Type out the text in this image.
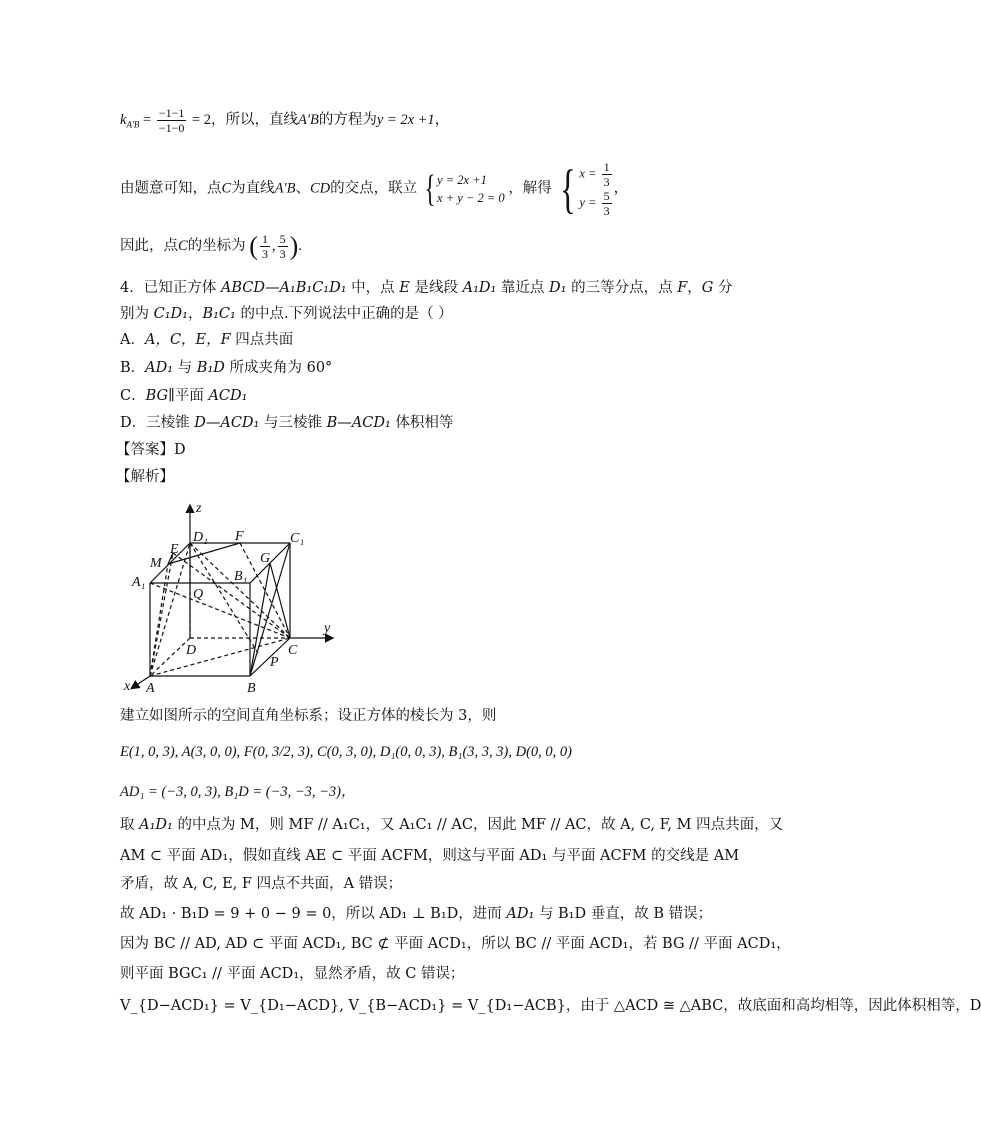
$k_{A'B} = \frac{-1-1}{-1-0} = 2$，所以，直线A'B的方程为y = 2x +1，
由题意可知，点C为直线A'B、CD的交点，联立 { y = 2x +1
x + y − 2 = 0 ，解得 { $x = \frac{1}{3}$

$y = \frac{5}{3}$
，
因此，点C的坐标为 ( $\frac{1}{3}$ , $\frac{5}{3}$ ).
4．已知正方体 ABCD—A₁B₁C₁D₁ 中，点 E 是线段 A₁D₁ 靠近点 D₁ 的三等分点，点 F，G 分
别为 C₁D₁，B₁C₁ 的中点.下列说法中正确的是（ ）
A．A，C，E，F 四点共面
B．AD₁ 与 B₁D 所成夹角为 60°
C．BG∥平面 ACD₁
D．三棱锥 D—ACD₁ 与三棱锥 B—ACD₁ 体积相等
【答案】D
【解析】
z
y
x A	B
C
D
A₁	B₁
C₁
D₁
E
F
G
M
P
Q
建立如图所示的空间直角坐标系；设正方体的棱长为 3，则
E(1, 0, 3), A(3, 0, 0), F(0, 3/2, 3), C(0, 3, 0), D₁(0, 0, 3), B₁(3, 3, 3), D(0, 0, 0)
AD₁ = (−3, 0, 3), B₁D = (−3, −3, −3)，
取 A₁D₁ 的中点为 M，则 MF // A₁C₁，又 A₁C₁ // AC，因此 MF // AC，故 A, C, F, M 四点共面，又
AM ⊂ 平面 AD₁，假如直线 AE ⊂ 平面 ACFM，则这与平面 AD₁ 与平面 ACFM 的交线是 AM
矛盾，故 A, C, E, F 四点不共面，A 错误；
故 AD₁ · B₁D = 9 + 0 − 9 = 0，所以 AD₁ ⊥ B₁D，进而 AD₁ 与 B₁D 垂直，故 B 错误；
因为 BC // AD, AD ⊂ 平面 ACD₁, BC ⊄ 平面 ACD₁，所以 BC // 平面 ACD₁，若 BG // 平面 ACD₁，
则平面 BGC₁ // 平面 ACD₁，显然矛盾，故 C 错误；
V_{D−ACD₁} = V_{D₁−ACD}, V_{B−ACD₁} = V_{D₁−ACB}，由于 △ACD ≅ △ABC，故底面和高均相等，因此体积相等，D
